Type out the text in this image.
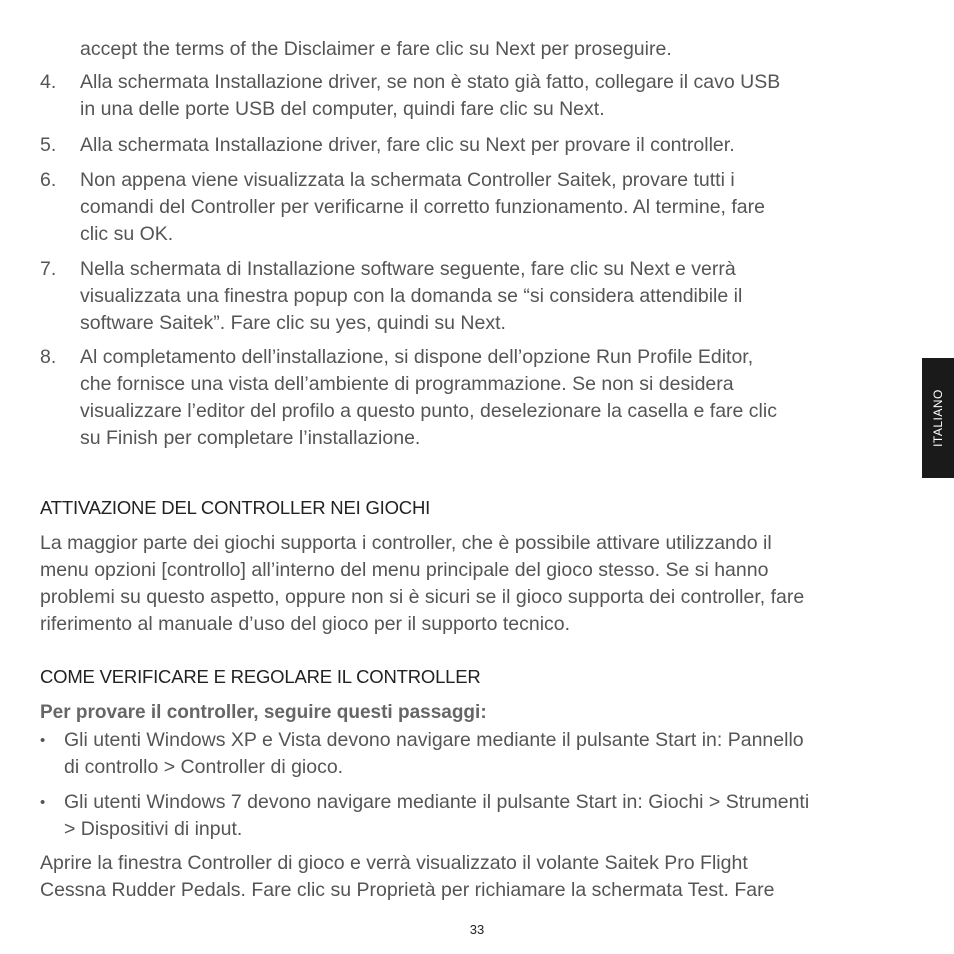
accept the terms of the Disclaimer e fare clic su Next per proseguire.
4. Alla schermata Installazione driver, se non è stato già fatto, collegare il cavo USB
in una delle porte USB del computer, quindi fare clic su Next.
5. Alla schermata Installazione driver, fare clic su Next per provare il controller.
6. Non appena viene visualizzata la schermata Controller Saitek, provare tutti i
comandi del Controller per verificarne il corretto funzionamento. Al termine, fare
clic su OK.
7. Nella schermata di Installazione software seguente, fare clic su Next e verrà
visualizzata una finestra popup con la domanda se “si considera attendibile il
software Saitek”. Fare clic su yes, quindi su Next.
8. Al completamento dell’installazione, si dispone dell’opzione Run Profile Editor,
che fornisce una vista dell’ambiente di programmazione. Se non si desidera
visualizzare l’editor del profilo a questo punto, deselezionare la casella e fare clic
su Finish per completare l’installazione.
ATTIVAZIONE DEL CONTROLLER NEI GIOCHI
La maggior parte dei giochi supporta i controller, che è possibile attivare utilizzando il
menu opzioni [controllo] all’interno del menu principale del gioco stesso. Se si hanno
problemi su questo aspetto, oppure non si è sicuri se il gioco supporta dei controller, fare
riferimento al manuale d’uso del gioco per il supporto tecnico.
COME VERIFICARE E REGOLARE IL CONTROLLER
Per provare il controller, seguire questi passaggi:
• Gli utenti Windows XP e Vista devono navigare mediante il pulsante Start in: Pannello
di controllo > Controller di gioco.
• Gli utenti Windows 7 devono navigare mediante il pulsante Start in: Giochi > Strumenti
> Dispositivi di input.
Aprire la finestra Controller di gioco e verrà visualizzato il volante Saitek Pro Flight
Cessna Rudder Pedals. Fare clic su Proprietà per richiamare la schermata Test. Fare
ITALIANO
33
